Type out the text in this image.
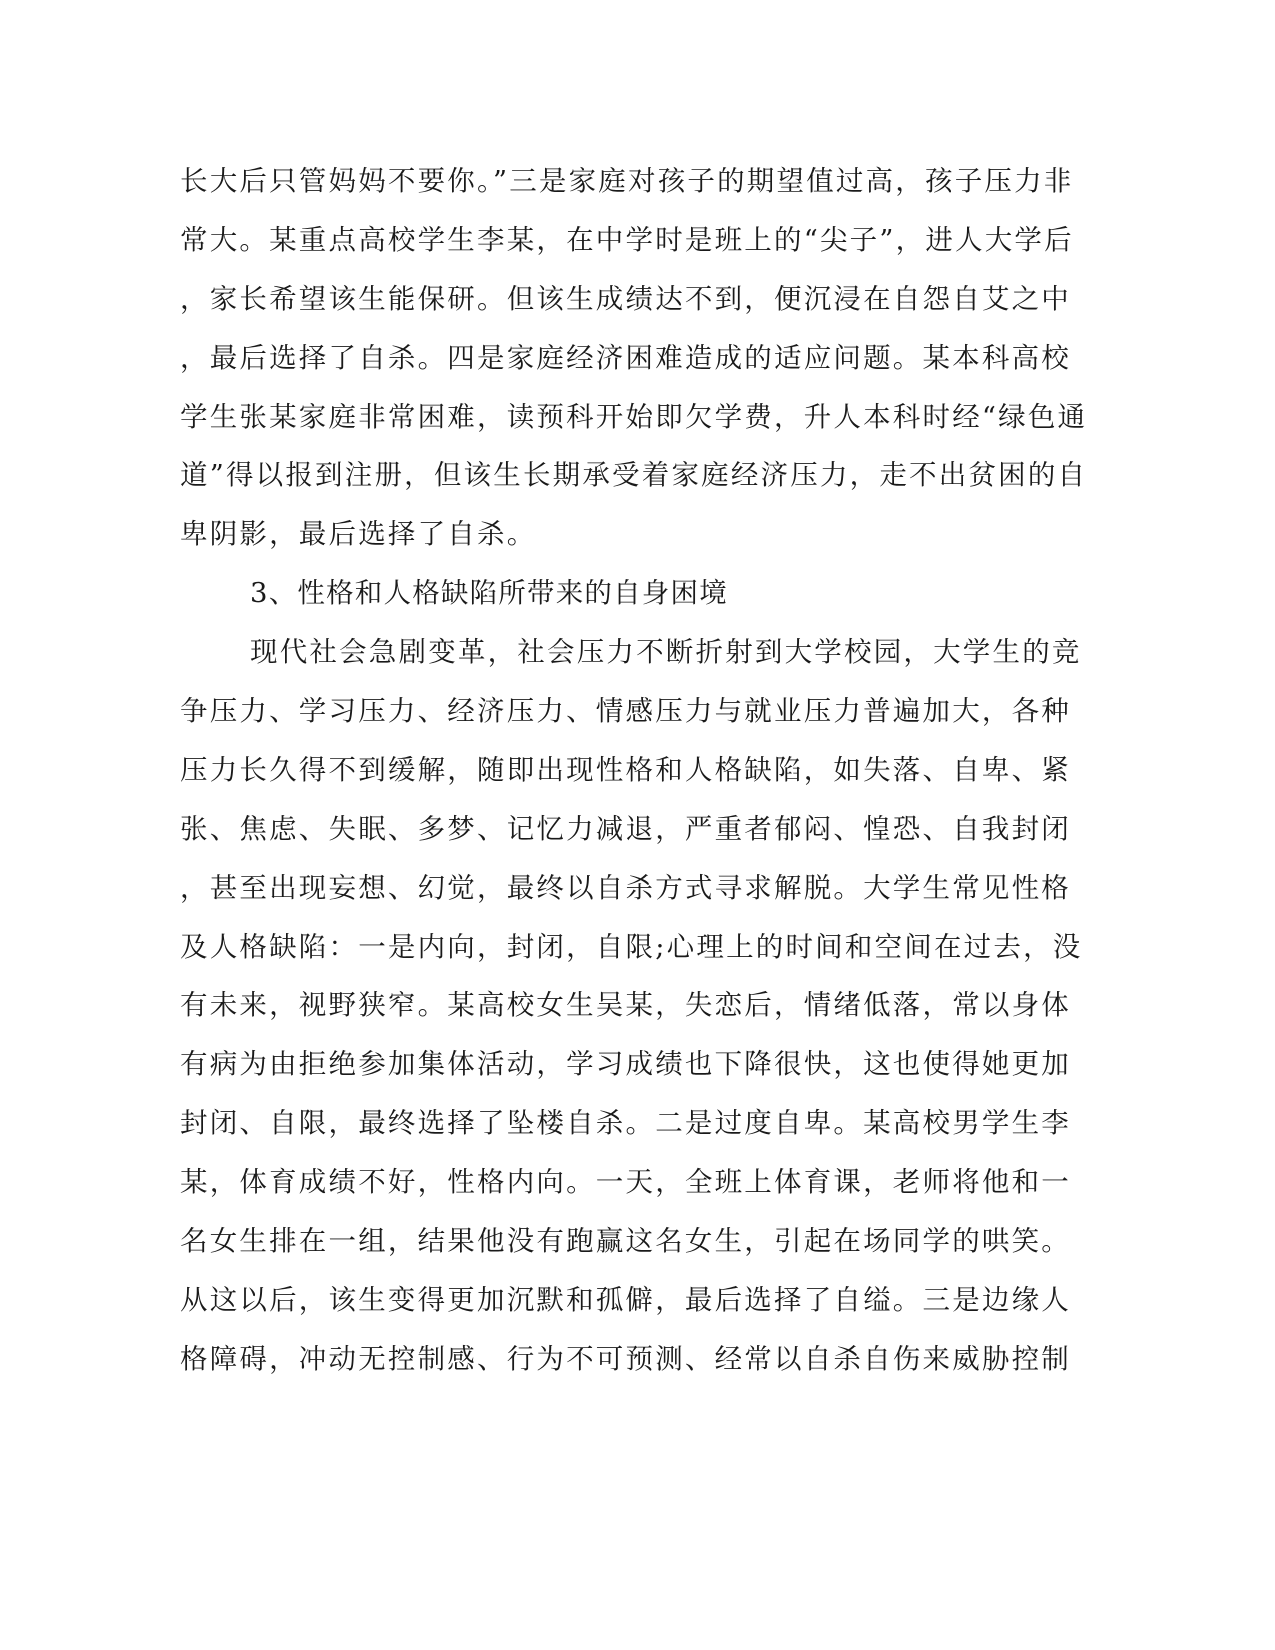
长大后只管妈妈不要你。”三是家庭对孩子的期望值过高，孩子压力非
常大。某重点高校学生李某，在中学时是班上的“尖子”，进人大学后
，家长希望该生能保研。但该生成绩达不到，便沉浸在自怨自艾之中
，最后选择了自杀。四是家庭经济困难造成的适应问题。某本科高校
学生张某家庭非常困难，读预科开始即欠学费，升人本科时经“绿色通
道”得以报到注册，但该生长期承受着家庭经济压力，走不出贫困的自
卑阴影，最后选择了自杀。
3、性格和人格缺陷所带来的自身困境
现代社会急剧变革，社会压力不断折射到大学校园，大学生的竞
争压力、学习压力、经济压力、情感压力与就业压力普遍加大，各种
压力长久得不到缓解，随即出现性格和人格缺陷，如失落、自卑、紧
张、焦虑、失眠、多梦、记忆力减退，严重者郁闷、惶恐、自我封闭
，甚至出现妄想、幻觉，最终以自杀方式寻求解脱。大学生常见性格
及人格缺陷：一是内向，封闭，自限;心理上的时间和空间在过去，没
有未来，视野狭窄。某高校女生吴某，失恋后，情绪低落，常以身体
有病为由拒绝参加集体活动，学习成绩也下降很快，这也使得她更加
封闭、自限，最终选择了坠楼自杀。二是过度自卑。某高校男学生李
某，体育成绩不好，性格内向。一天，全班上体育课，老师将他和一
名女生排在一组，结果他没有跑赢这名女生，引起在场同学的哄笑。
从这以后，该生变得更加沉默和孤僻，最后选择了自缢。三是边缘人
格障碍，冲动无控制感、行为不可预测、经常以自杀自伤来威胁控制
